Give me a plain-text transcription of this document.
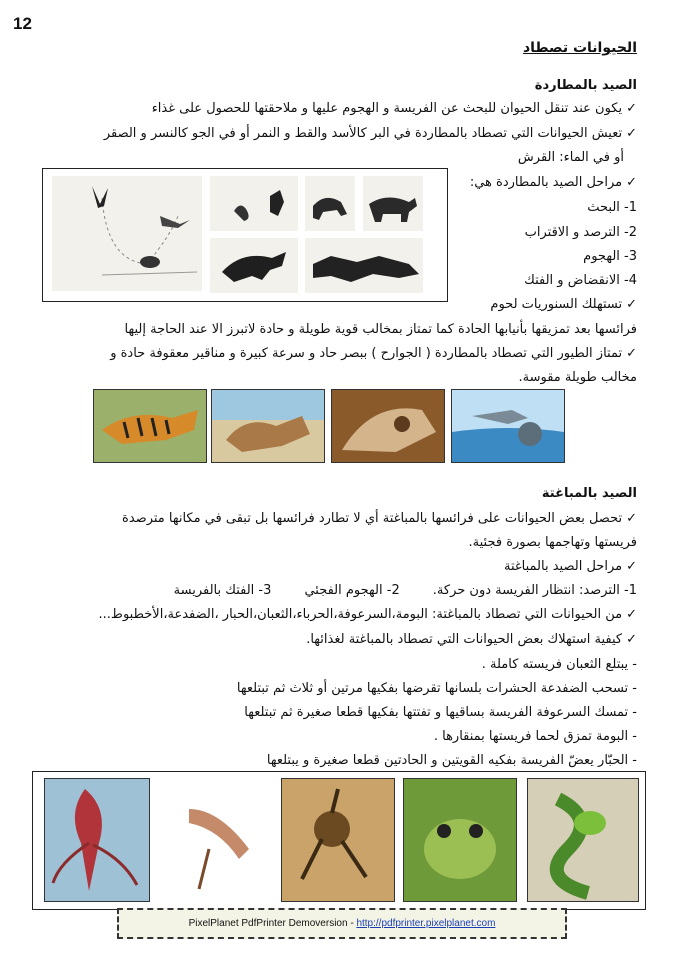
12
الحيوانات تصطاد
الصيد بالمطاردة
✓يكون عند تنقل الحيوان للبحث عن الفريسة و الهجوم عليها و ملاحقتها للحصول على غذاء
✓تعيش الحيوانات التي تصطاد بالمطاردة في البر كالأسد والقط و النمر أو في الجو كالنسر و الصقر
أو في الماء: القرش
✓مراحل الصيد بالمطاردة هي:
1- البحث
2- الترصد و الاقتراب
3- الهجوم
4- الانقضاض و الفتك
✓تستهلك السنوريات لحوم
فرائسها بعد تمزيقها بأنيابها الحادة كما تمتاز بمخالب قوية طويلة و حادة لاتبرز الا عند الحاجة إليها
✓تمتاز الطيور التي تصطاد بالمطاردة ( الجوارح ) ببصر حاد و سرعة كبيرة و مناقير معقوفة حادة و
مخالب طويلة مقوسة.
الصيد بالمباغتة
✓تحصل بعض الحيوانات على فرائسها بالمباغتة أي لا تطارد فرائسها بل تبقى في مكانها مترصدة
فريستها وتهاجمها بصورة فجئية.
✓مراحل الصيد بالمباغتة
1- الترصد: انتظار الفريسة دون حركة.        2- الهجوم الفجئي        3- الفتك بالفريسة
✓من الحيوانات التي تصطاد بالمباغتة: البومة،السرعوفة،الحرباء،الثعبان،الحبار ،الضفدعة،الأخطبوط...
✓كيفية استهلاك بعض الحيوانات التي تصطاد بالمباغتة لغذائها.
- يبتلع الثعبان فريسته كاملة .
- تسحب الضفدعة الحشرات بلسانها تقرضها بفكيها مرتين أو ثلاث ثم تبتلعها
- تمسك السرعوفة الفريسة بساقيها و تفتتها بفكيها قطعا صغيرة ثم تبتلعها
- البومة تمزق لحما فريستها بمنقارها .
- الحبّار يعضّ الفريسة بفكيه القويتين و الحادتين قطعا صغيرة و يبتلعها
PixelPlanet PdfPrinter Demoversion - http://pdfprinter.pixelplanet.com
